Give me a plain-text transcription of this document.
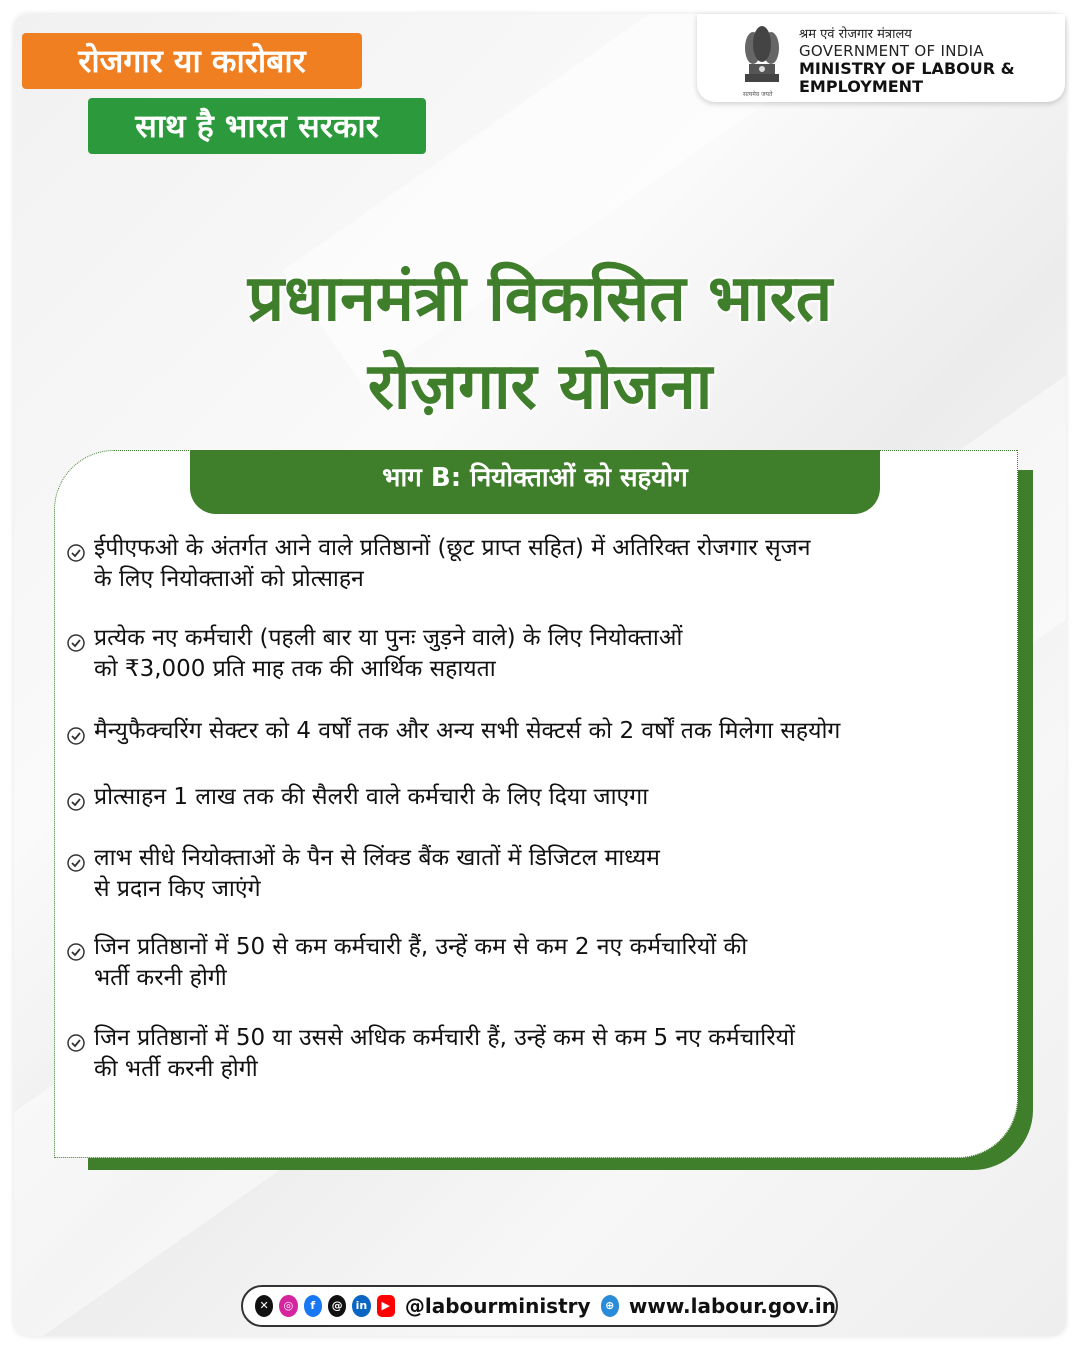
रोजगार या कारोबार
साथ है भारत सरकार
सत्यमेव जयते
श्रम एवं रोजगार मंत्रालय
GOVERNMENT OF INDIA
MINISTRY OF LABOUR &
EMPLOYMENT
प्रधानमंत्री विकसित भारत
रोज़गार योजना
भाग B: नियोक्ताओं को सहयोग
ईपीएफओ के अंतर्गत आने वाले प्रतिष्ठानों (छूट प्राप्त सहित) में अतिरिक्त रोजगार सृजन
के लिए नियोक्ताओं को प्रोत्साहन
प्रत्येक नए कर्मचारी (पहली बार या पुनः जुड़ने वाले) के लिए नियोक्ताओं
को ₹3,000 प्रति माह तक की आर्थिक सहायता
मैन्युफैक्चरिंग सेक्टर को 4 वर्षों तक और अन्य सभी सेक्टर्स को 2 वर्षों तक मिलेगा सहयोग
प्रोत्साहन 1 लाख तक की सैलरी वाले कर्मचारी के लिए दिया जाएगा
लाभ सीधे नियोक्ताओं के पैन से लिंक्ड बैंक खातों में डिजिटल माध्यम
से प्रदान किए जाएंगे
जिन प्रतिष्ठानों में 50 से कम कर्मचारी हैं, उन्हें कम से कम 2 नए कर्मचारियों की
भर्ती करनी होगी
जिन प्रतिष्ठानों में 50 या उससे अधिक कर्मचारी हैं, उन्हें कम से कम 5 नए कर्मचारियों
की भर्ती करनी होगी
✕	◎	f	@	in	▶ @labourministry	⊕ www.labour.gov.in
